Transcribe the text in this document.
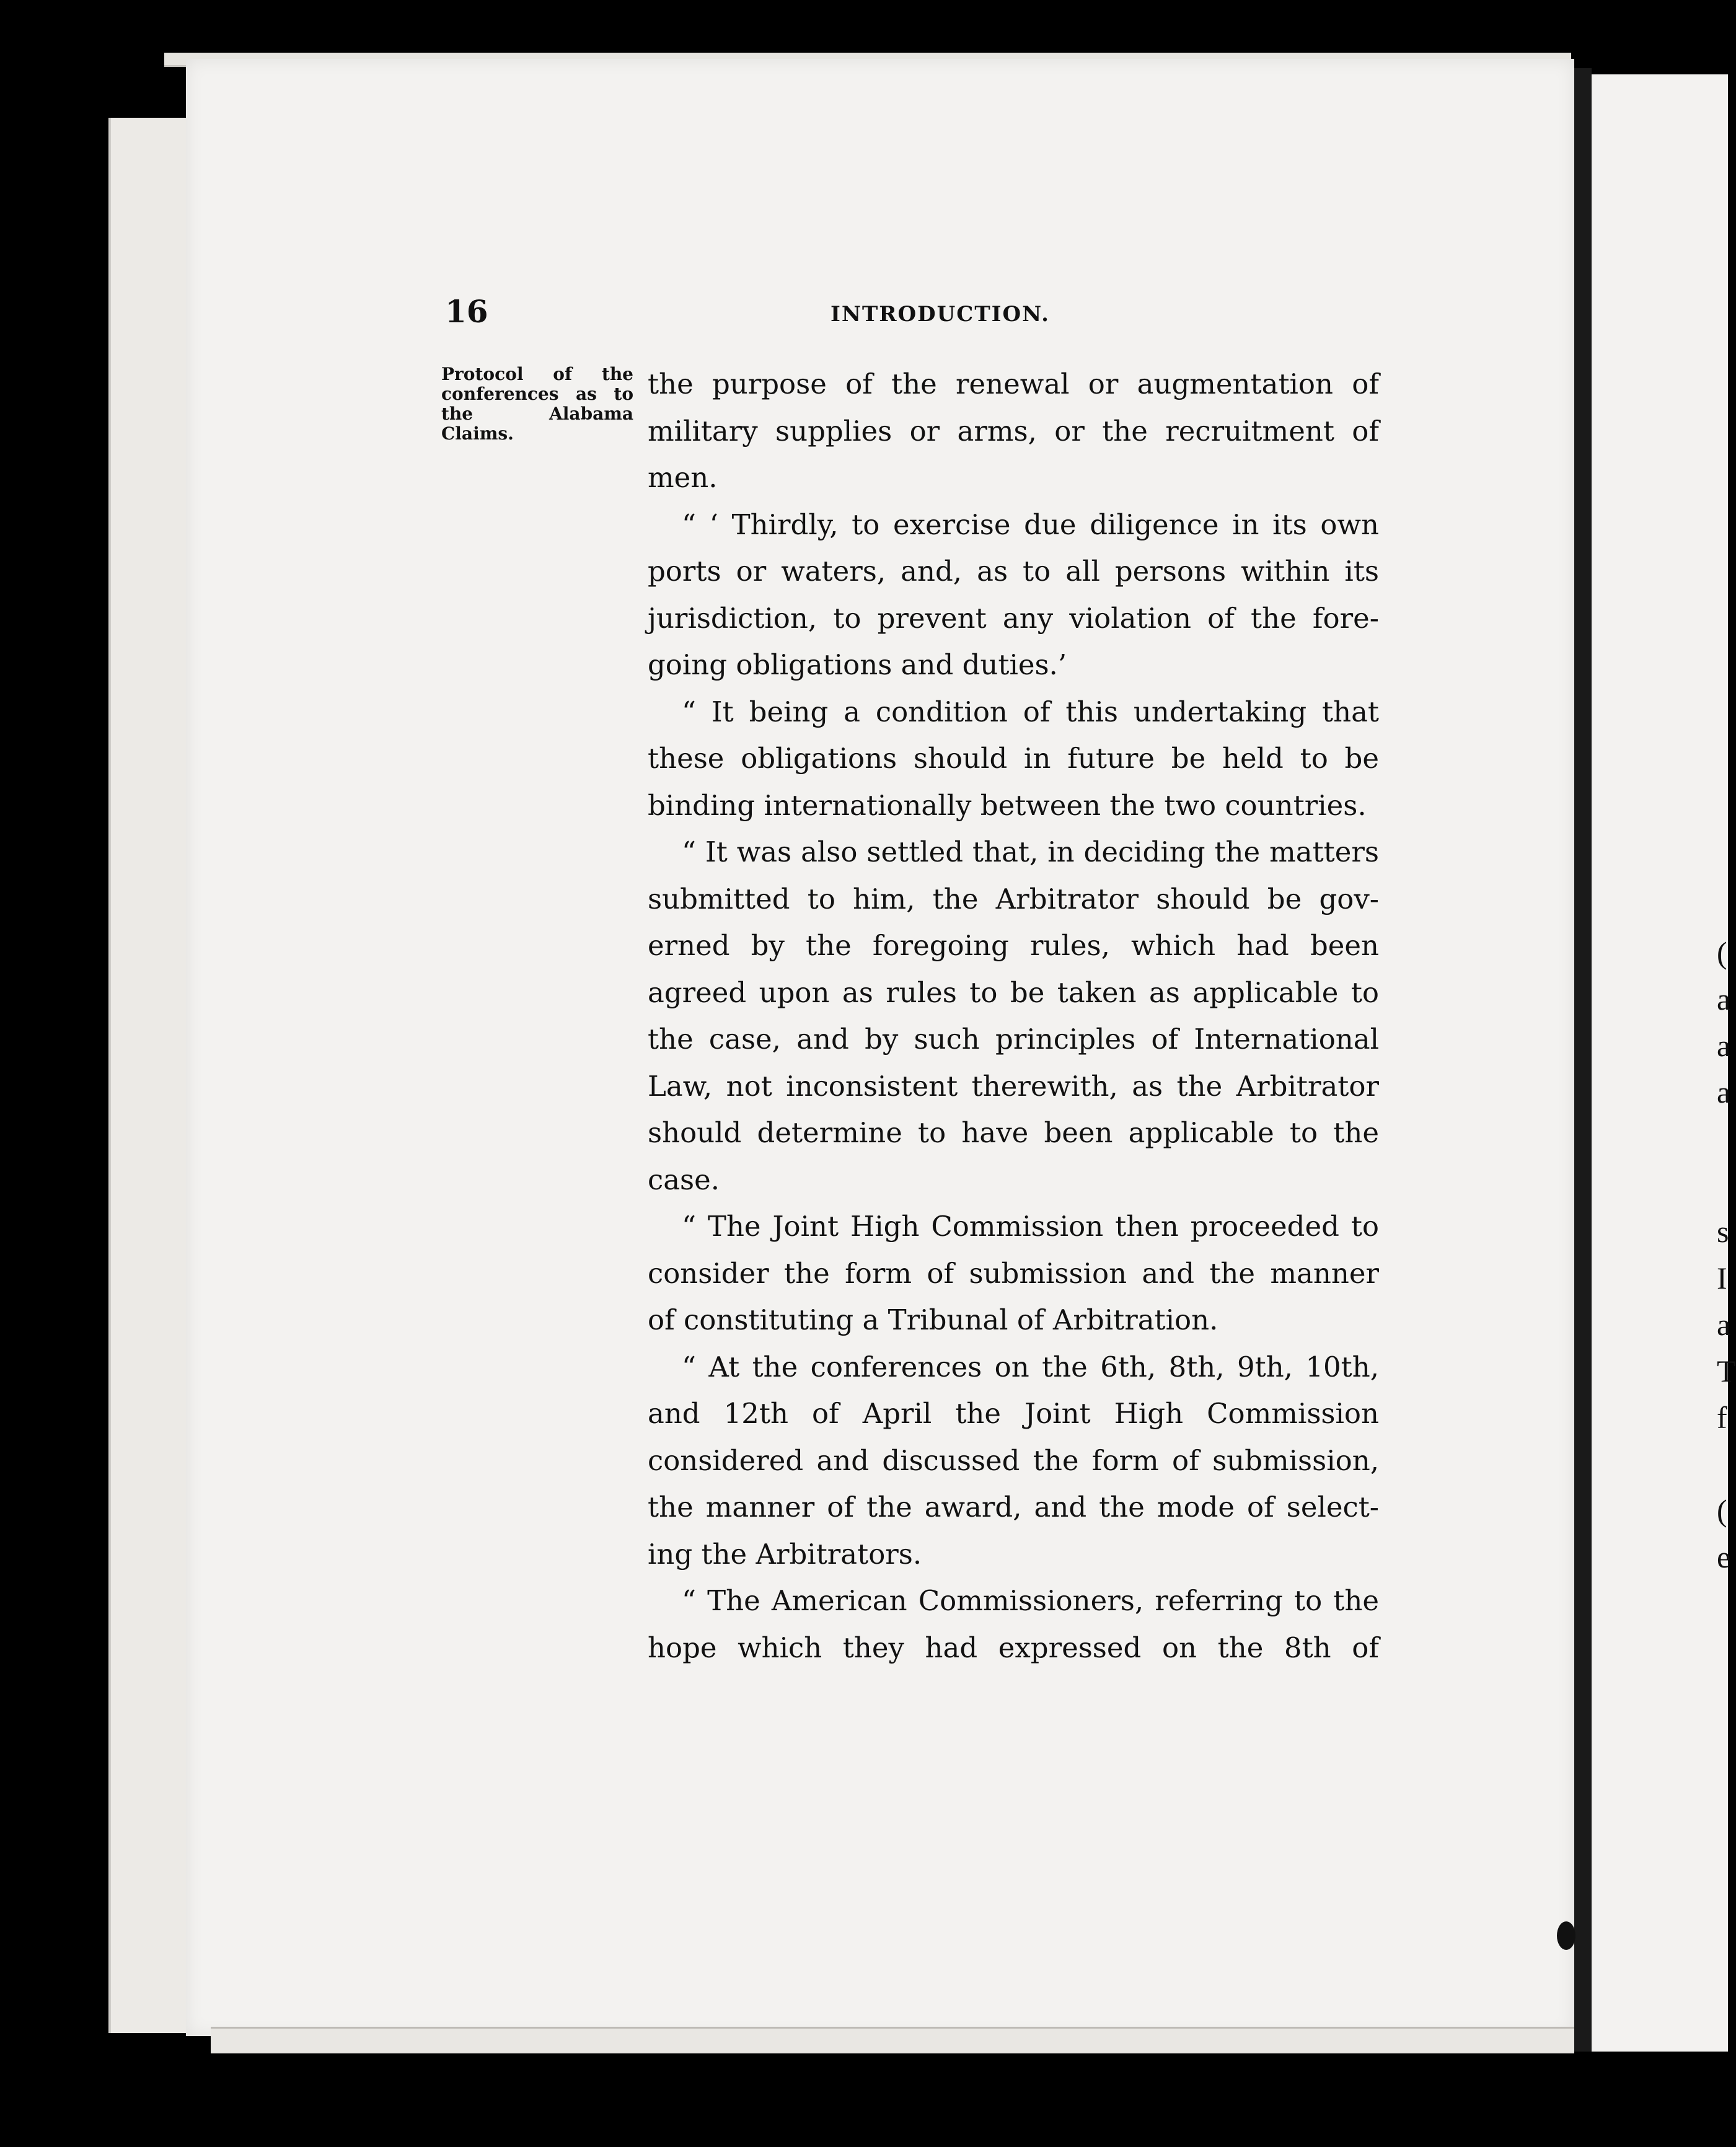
(
a
a
a
s
I
a
T
f
(
e
16	INTRODUCTION.
Protocol of the conferences as to the Alabama Claims.
the purpose of the renewal or augmentation of
military supplies or arms, or the recruitment of
men.
“ ‘ Thirdly, to exercise due diligence in its own
ports or waters, and, as to all persons within its
jurisdiction, to prevent any violation of the fore-
going obligations and duties.’
“ It being a condition of this undertaking that
these obligations should in future be held to be
binding internationally between the two countries.
“ It was also settled that, in deciding the matters
submitted to him, the Arbitrator should be gov-
erned by the foregoing rules, which had been
agreed upon as rules to be taken as applicable to
the case, and by such principles of International
Law, not inconsistent therewith, as the Arbitrator
should determine to have been applicable to the
case.
“ The Joint High Commission then proceeded to
consider the form of submission and the manner
of constituting a Tribunal of Arbitration.
“ At the conferences on the 6th, 8th, 9th, 10th,
and 12th of April the Joint High Commission
considered and discussed the form of submission,
the manner of the award, and the mode of select-
ing the Arbitrators.
“ The American Commissioners, referring to the
hope which they had expressed on the 8th of
